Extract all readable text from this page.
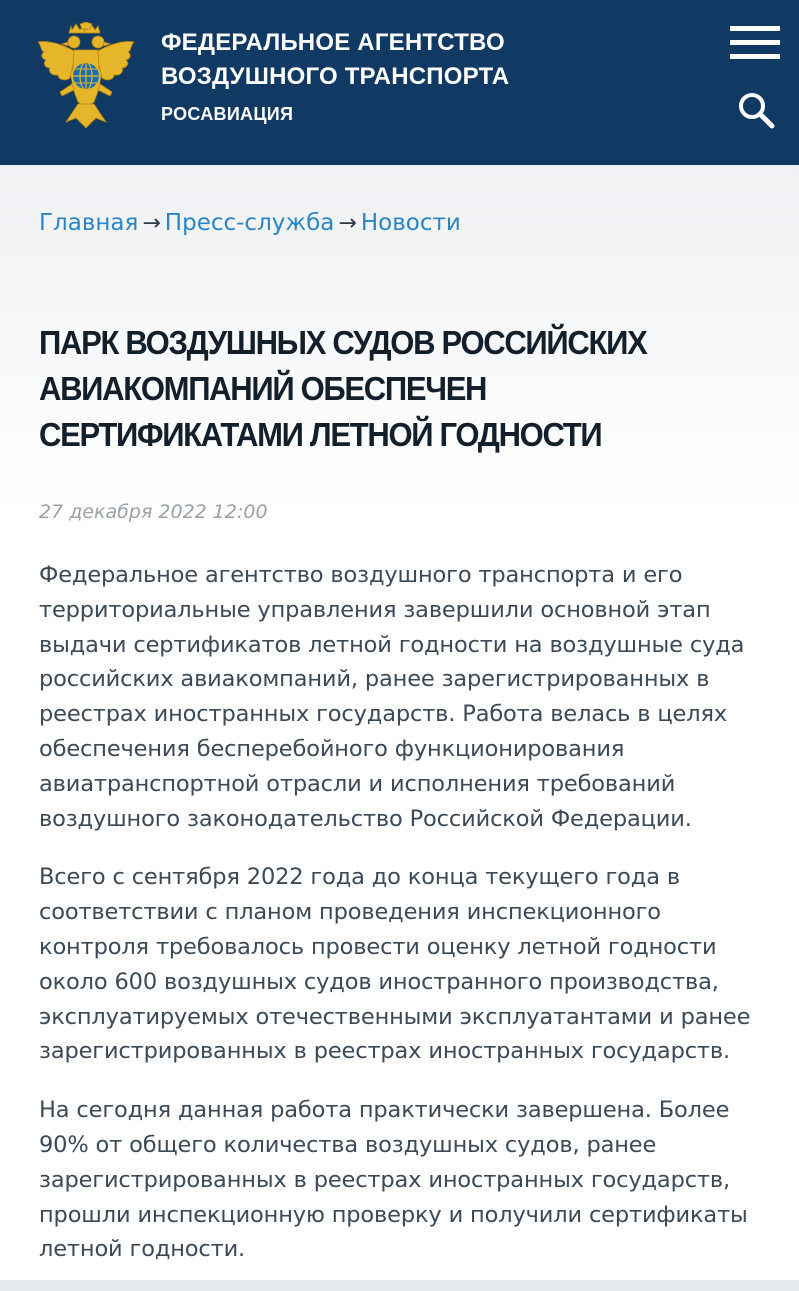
ФЕДЕРАЛЬНОЕ АГЕНТСТВО
ВОЗДУШНОГО ТРАНСПОРТА
РОСАВИАЦИЯ
Главная → Пресс-служба → Новости
ПАРК ВОЗДУШНЫХ СУДОВ РОССИЙСКИХ АВИАКОМПАНИЙ ОБЕСПЕЧЕН СЕРТИФИКАТАМИ ЛЕТНОЙ ГОДНОСТИ
27 декабря 2022 12:00

Федеральное агентство воздушного транспорта и его
территориальные управления завершили основной этап
выдачи сертификатов летной годности на воздушные суда
российских авиакомпаний, ранее зарегистрированных в
реестрах иностранных государств. Работа велась в целях
обеспечения бесперебойного функционирования
авиатранспортной отрасли и исполнения требований
воздушного законодательство Российской Федерации.

Всего с сентября 2022 года до конца текущего года в
соответствии с планом проведения инспекционного
контроля требовалось провести оценку летной годности
около 600 воздушных судов иностранного производства,
эксплуатируемых отечественными эксплуатантами и ранее
зарегистрированных в реестрах иностранных государств.

На сегодня данная работа практически завершена. Более
90% от общего количества воздушных судов, ранее
зарегистрированных в реестрах иностранных государств,
прошли инспекционную проверку и получили сертификаты
летной годности.
